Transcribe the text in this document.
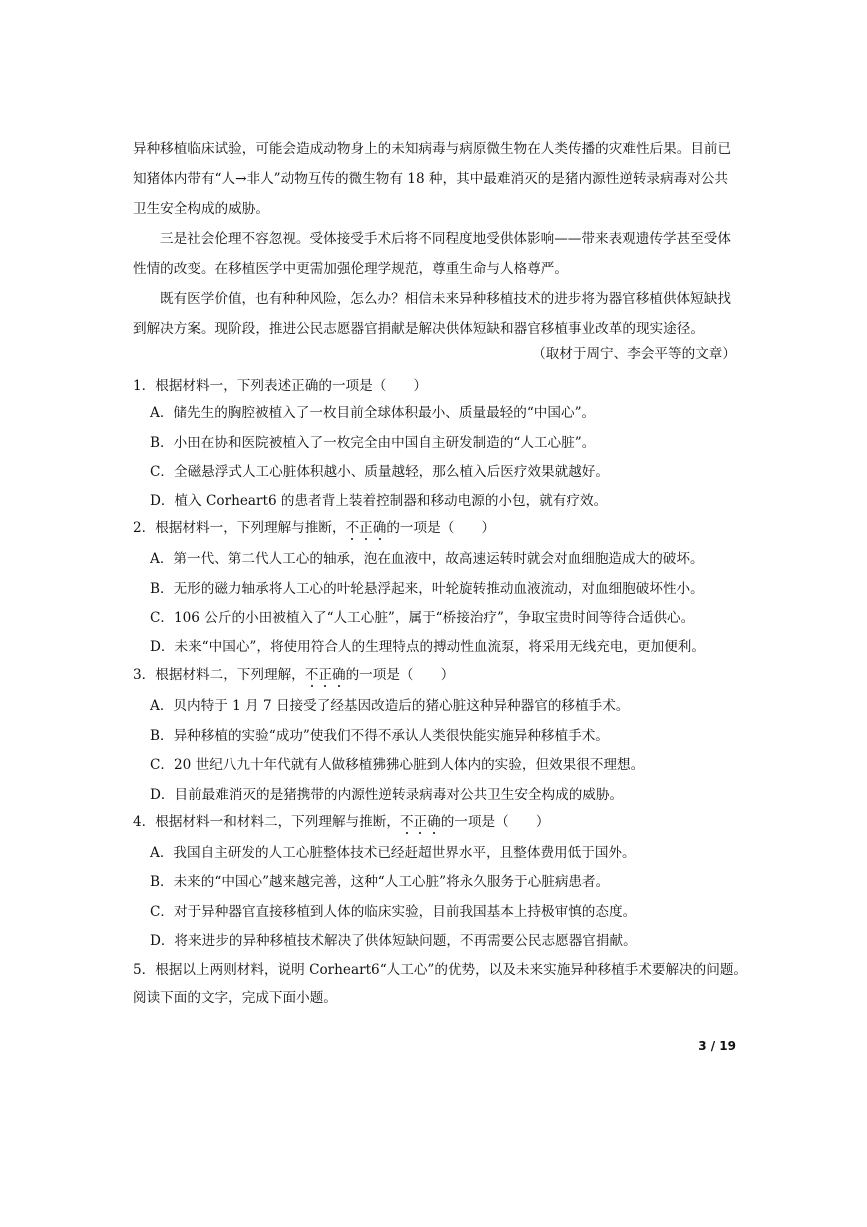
异种移植临床试验，可能会造成动物身上的未知病毒与病原微生物在人类传播的灾难性后果。目前已
知猪体内带有“人→非人”动物互传的微生物有 18 种，其中最难消灭的是猪内源性逆转录病毒对公共
卫生安全构成的威胁。
三是社会伦理不容忽视。受体接受手术后将不同程度地受供体影响——带来表观遗传学甚至受体
性情的改变。在移植医学中更需加强伦理学规范，尊重生命与人格尊严。
既有医学价值，也有种种风险，怎么办？相信未来异种移植技术的进步将为器官移植供体短缺找
到解决方案。现阶段，推进公民志愿器官捐献是解决供体短缺和器官移植事业改革的现实途径。
（取材于周宁、李会平等的文章）
1．根据材料一，下列表述正确的一项是（　　）
A．储先生的胸腔被植入了一枚目前全球体积最小、质量最轻的“中国心”。
B．小田在协和医院被植入了一枚完全由中国自主研发制造的“人工心脏”。
C．全磁悬浮式人工心脏体积越小、质量越轻，那么植入后医疗效果就越好。
D．植入 Corheart6 的患者背上装着控制器和移动电源的小包，就有疗效。
2．根据材料一，下列理解与推断，不正确的一项是（　　）
A．第一代、第二代人工心的轴承，泡在血液中，故高速运转时就会对血细胞造成大的破坏。
B．无形的磁力轴承将人工心的叶轮悬浮起来，叶轮旋转推动血液流动，对血细胞破坏性小。
C．106 公斤的小田被植入了“人工心脏”，属于“桥接治疗”，争取宝贵时间等待合适供心。
D．未来“中国心”，将使用符合人的生理特点的搏动性血流泵，将采用无线充电，更加便利。
3．根据材料二，下列理解，不正确的一项是（　　）
A．贝内特于 1 月 7 日接受了经基因改造后的猪心脏这种异种器官的移植手术。
B．异种移植的实验“成功”使我们不得不承认人类很快能实施异种移植手术。
C．20 世纪八九十年代就有人做移植狒狒心脏到人体内的实验，但效果很不理想。
D．目前最难消灭的是猪携带的内源性逆转录病毒对公共卫生安全构成的威胁。
4．根据材料一和材料二，下列理解与推断，不正确的一项是（　　）
A．我国自主研发的人工心脏整体技术已经赶超世界水平，且整体费用低于国外。
B．未来的“中国心”越来越完善，这种“人工心脏”将永久服务于心脏病患者。
C．对于异种器官直接移植到人体的临床实验，目前我国基本上持极审慎的态度。
D．将来进步的异种移植技术解决了供体短缺问题，不再需要公民志愿器官捐献。
5．根据以上两则材料，说明 Corheart6“人工心”的优势，以及未来实施异种移植手术要解决的问题。
阅读下面的文字，完成下面小题。
3 / 19
